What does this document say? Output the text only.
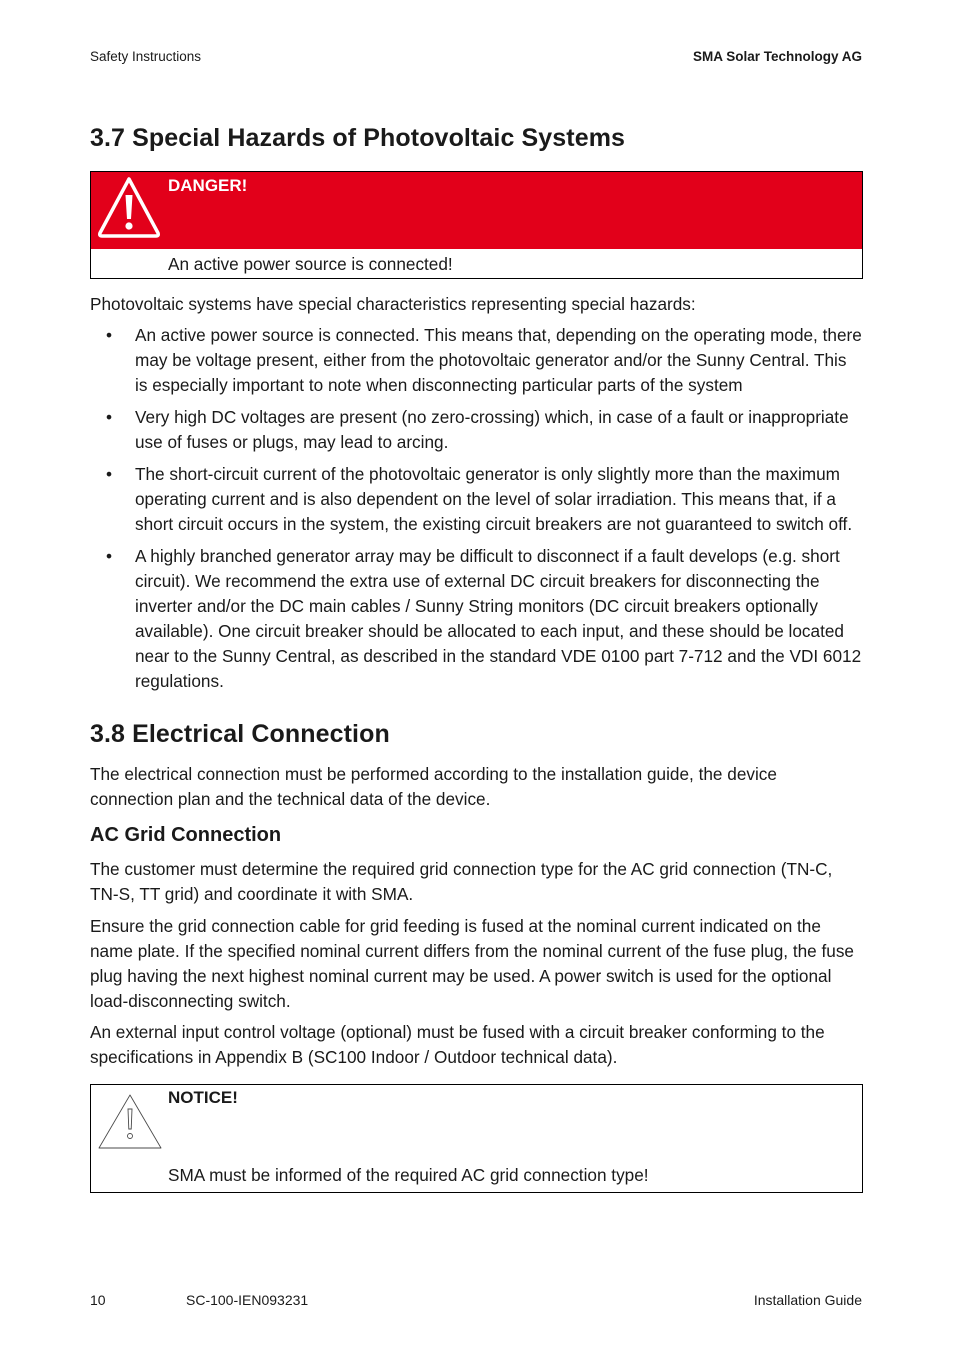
Safety Instructions	SMA Solar Technology AG
3.7 Special Hazards of Photovoltaic Systems
DANGER!
An active power source is connected!

Photovoltaic systems have special characteristics representing special hazards:

• An active power source is connected. This means that, depending on the operating mode, there may be voltage present, either from the photovoltaic generator and/or the Sunny Central. This is especially important to note when disconnecting particular parts of the system
• Very high DC voltages are present (no zero-crossing) which, in case of a fault or inappropriate use of fuses or plugs, may lead to arcing.
• The short-circuit current of the photovoltaic generator is only slightly more than the maximum operating current and is also dependent on the level of solar irradiation. This means that, if a short circuit occurs in the system, the existing circuit breakers are not guaranteed to switch off.
• A highly branched generator array may be difficult to disconnect if a fault develops (e.g. short circuit). We recommend the extra use of external DC circuit breakers for disconnecting the inverter and/or the DC main cables / Sunny String monitors (DC circuit breakers optionally available). One circuit breaker should be allocated to each input, and these should be located near to the Sunny Central, as described in the standard VDE 0100 part 7-712 and the VDI 6012 regulations.
3.8 Electrical Connection

The electrical connection must be performed according to the installation guide, the device connection plan and the technical data of the device.

AC Grid Connection

The customer must determine the required grid connection type for the AC grid connection (TN-C, TN-S, TT grid) and coordinate it with SMA.

Ensure the grid connection cable for grid feeding is fused at the nominal current indicated on the name plate. If the specified nominal current differs from the nominal current of the fuse plug, the fuse plug having the next highest nominal current may be used. A power switch is used for the optional load-disconnecting switch.

An external input control voltage (optional) must be fused with a circuit breaker conforming to the specifications in Appendix B (SC100 Indoor / Outdoor technical data).

NOTICE!
SMA must be informed of the required AC grid connection type!
10	SC-100-IEN093231	Installation Guide
